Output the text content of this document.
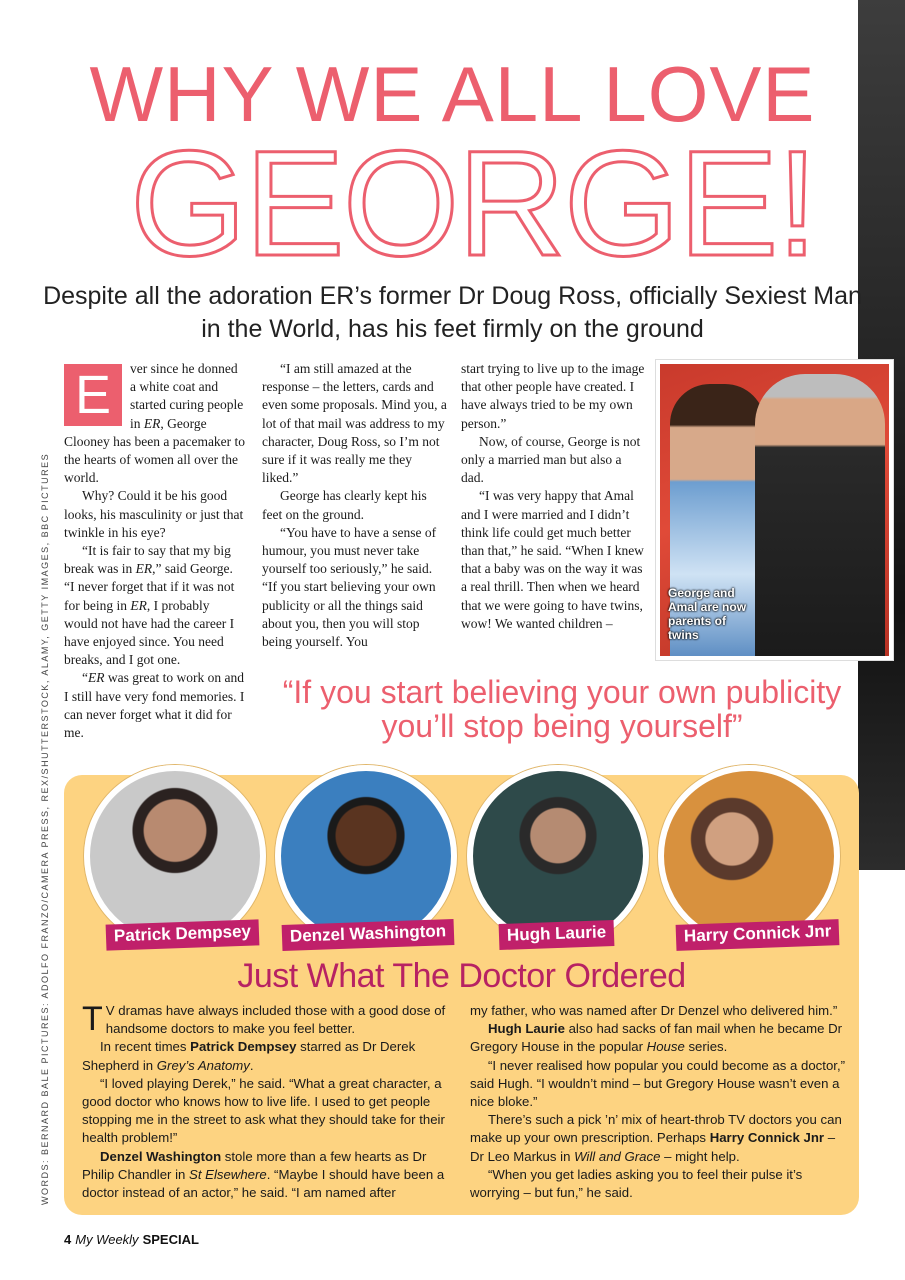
WHY WE ALL LOVE
GEORGE!
Despite all the adoration ER’s former Dr Doug Ross, officially Sexiest Man in the World, has his feet firmly on the ground
E	ver since he donned a white coat and started curing people in ER, George Clooney has been a pacemaker to the hearts of women all over the world.

Why? Could it be his good looks, his masculinity or just that twinkle in his eye?

“It is fair to say that my big break was in ER,” said George. “I never forget that if it was not for being in ER, I probably would not have had the career I have enjoyed since. You need breaks, and I got one.

“ER was great to work on and I still have very fond memories. I can never forget what it did for me.

“I am still amazed at the response – the letters, cards and even some proposals. Mind you, a lot of that mail was address to my character, Doug Ross, so I’m not sure if it was really me they liked.”

George has clearly kept his feet on the ground.

“You have to have a sense of humour, you must never take yourself too seriously,” he said. “If you start believing your own publicity or all the things said about you, then you will stop being yourself. You

start trying to live up to the image that other people have created. I have always tried to be my own person.”

Now, of course, George is not only a married man but also a dad.

“I was very happy that Amal and I were married and I didn’t think life could get much better than that,” he said. “When I knew that a baby was on the way it was a real thrill. Then when we heard that we were going to have twins, wow! We wanted children –

George and Amal are now parents of twins
“If you start believing your own publicity you’ll stop being yourself”
WORDS: BERNARD BALE PICTURES: ADOLFO FRANZO/CAMERA PRESS, REX/SHUTTERSTOCK, ALAMY, GETTY IMAGES, BBC PICTURES	Patrick Dempsey	Denzel Washington	Hugh Laurie	Harry Connick Jnr
Just What The Doctor Ordered

T V dramas have always included those with a good dose of handsome doctors to make you feel better.

In recent times Patrick Dempsey starred as Dr Derek Shepherd in Grey’s Anatomy.

“I loved playing Derek,” he said. “What a great character, a good doctor who knows how to live life. I used to get people stopping me in the street to ask what they should take for their health problem!”

Denzel Washington stole more than a few hearts as Dr Philip Chandler in St Elsewhere. “Maybe I should have been a doctor instead of an actor,” he said. “I am named after

my father, who was named after Dr Denzel who delivered him.”

Hugh Laurie also had sacks of fan mail when he became Dr Gregory House in the popular House series.

“I never realised how popular you could become as a doctor,” said Hugh. “I wouldn’t mind – but Gregory House wasn’t even a nice bloke.”

There’s such a pick ’n’ mix of heart-throb TV doctors you can make up your own prescription. Perhaps Harry Connick Jnr – Dr Leo Markus in Will and Grace – might help.

“When you get ladies asking you to feel their pulse it’s worrying – but fun,” he said.

4 My Weekly SPECIAL
